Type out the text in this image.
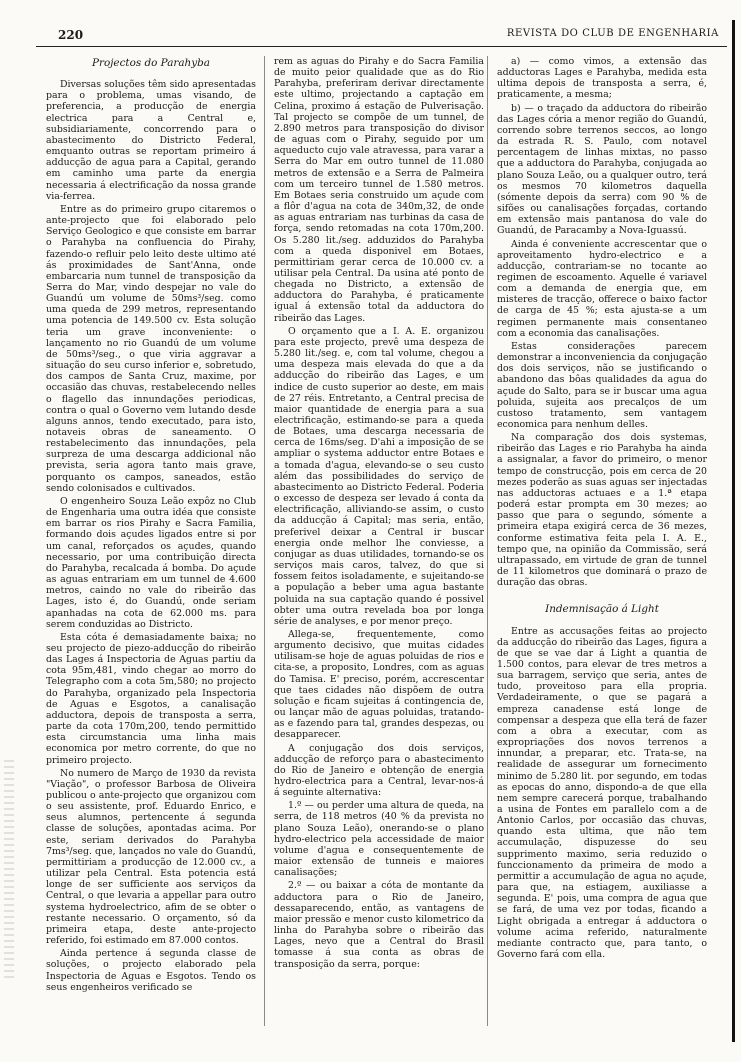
220	REVISTA DO CLUB DE ENGENHARIA
Projectos do Parahyba

Diversas soluções têm sido apresentadas para o problema, umas visando, de preferencia, a producção de energia electrica para a Central e, subsidiariamente, concorrendo para o abastecimento do Districto Federal, emquanto outras se reportam primeiro á adducção de agua para a Capital, gerando em caminho uma parte da energia necessaria á electrificação da nossa grande via-ferrea.

Entre as do primeiro grupo citaremos o ante-projecto que foi elaborado pelo Serviço Geologico e que consiste em barrar o Parahyba na confluencia do Pirahy, fazendo-o refluir pelo leito deste ultimo até ás proximidades de Sant'Anna, onde embarcaria num tunnel de transposição da Serra do Mar, vindo despejar no vale do Guandú um volume de 50ms³/seg. como uma queda de 299 metros, representando uma potencia de 149.500 cv. Esta solução teria um grave inconveniente: o lançamento no rio Guandú de um volume de 50ms³/seg., o que viria aggravar a situação do seu curso inferior e, sobretudo, dos campos de Santa Cruz, maxime, por occasião das chuvas, restabelecendo nelles o flagello das innundações periodicas, contra o qual o Governo vem lutando desde alguns annos, tendo executado, para isto, notaveis obras de saneamento. O restabelecimento das innundações, pela surpreza de uma descarga addicional não prevista, seria agora tanto mais grave, porquanto os campos, saneados, estão sendo colonisados e cultivados.

O engenheiro Souza Leão expôz no Club de Engenharia uma outra idéa que consiste em barrar os rios Pirahy e Sacra Familia, formando dois açudes ligados entre si por um canal, reforçados os açudes, quando necessario, por uma contribuição directa do Parahyba, recalcada á bomba. Do açude as aguas entrariam em um tunnel de 4.600 metros, caindo no vale do ribeirão das Lages, isto é, do Guandú, onde seriam apanhadas na cota de 62.000 ms. para serem conduzidas ao Districto.

Esta cóta é demasiadamente baixa; no seu projecto de piezo-adducção do ribeirão das Lages á Inspectoria de Aguas partiu da cota 95m,481, vindo chegar ao morro do Telegrapho com a cota 5m,580; no projecto do Parahyba, organizado pela Inspectoria de Aguas e Esgotos, a canalisação adductora, depois de transposta a serra, parte da cota 170m,200, tendo permittido esta circumstancia uma linha mais economica por metro corrente, do que no primeiro projecto.

No numero de Março de 1930 da revista "Viação", o professor Barbosa de Oliveira publicou o ante-projecto que organizou com o seu assistente, prof. Eduardo Enrico, e seus alumnos, pertencente á segunda classe de soluções, apontadas acima. Por este, seriam derivados do Parahyba 7ms³/seg. que, lançados no vale do Guandú, permittiriam a producção de 12.000 cv., a utilizar pela Central. Esta potencia está longe de ser sufficiente aos serviços da Central, o que levaria a appellar para outro systema hydroelectrico, afim de se obter o restante necessario. O orçamento, só da primeira etapa, deste ante-projecto referido, foi estimado em 87.000 contos.

Ainda pertence á segunda classe de soluções, o projecto elaborado pela Inspectoria de Aguas e Esgotos. Tendo os seus engenheiros verificado se

rem as aguas do Pirahy e do Sacra Familia de muito peior qualidade que as do Rio Parahyba, preferiram derivar directamente este ultimo, projectando a captação em Celina, proximo á estação de Pulverisação. Tal projecto se compõe de um tunnel, de 2.890 metros para transposição do divisor de aguas com o Pirahy, seguido por um aqueducto cujo vale atravessa, para varar a Serra do Mar em outro tunnel de 11.080 metros de extensão e a Serra de Palmeira com um terceiro tunnel de 1.580 metros. Em Botaes seria construido um açude com a flôr d'agua na cota de 340m,32, de onde as aguas entrariam nas turbinas da casa de força, sendo retomadas na cota 170m,200. Os 5.280 lit./seg. adduzidos do Parahyba com a queda disponivel em Botaes, permittiriam gerar cerca de 10.000 cv. a utilisar pela Central. Da usina até ponto de chegada no Districto, a extensão de adductora do Parahyba, é praticamente igual á extensão total da adductora do ribeirão das Lages.

O orçamento que a I. A. E. organizou para este projecto, prevê uma despeza de 5.280 lit./seg. e, com tal volume, chegou a uma despeza mais elevada do que a da adducção do ribeirão das Lages, e um indice de custo superior ao deste, em mais de 27 réis. Entretanto, a Central precisa de maior quantidade de energia para a sua electrificação, estimando-se para a queda de Botaes, uma descarga necessaria de cerca de 16ms/seg. D'ahi a imposição de se ampliar o systema adductor entre Botaes e a tomada d'agua, elevando-se o seu custo além das possibilidades do serviço de abastecimento ao Districto Federal. Poderia o excesso de despeza ser levado á conta da electrificação, alliviando-se assim, o custo da adducção á Capital; mas seria, então, preferivel deixar a Central ir buscar energia onde melhor lhe conviesse, a conjugar as duas utilidades, tornando-se os serviços mais caros, talvez, do que si fossem feitos isoladamente, e sujeitando-se a população a beber uma agua bastante poluida na sua captação quando é possivel obter uma outra revelada boa por longa série de analyses, e por menor preço.

Allega-se, frequentemente, como argumento decisivo, que muitas cidades utilisam-se hoje de aguas poluidas de rios e cita-se, a proposito, Londres, com as aguas do Tamisa. E' preciso, porém, accrescentar que taes cidades não dispõem de outra solução e ficam sujeitas á contingencia de, ou lançar mão de aguas poluidas, tratando-as e fazendo para tal, grandes despezas, ou desapparecer.

A conjugação dos dois serviços, adducção de reforço para o abastecimento do Rio de Janeiro e obtenção de energia hydro-electrica para a Central, levar-nos-á á seguinte alternativa:

1.º — ou perder uma altura de queda, na serra, de 118 metros (40 % da prevista no plano Souza Leão), onerando-se o plano hydro-electrico pela accessidade de maior volume d'agua e consequentemente de maior extensão de tunneis e maiores canalisações;

2.º — ou baixar a cóta de montante da adductora para o Rio de Janeiro, dessaparecendo, então, as vantagens de maior pressão e menor custo kilometrico da linha do Parahyba sobre o ribeirão das Lages, nevo que a Central do Brasil tomasse á sua conta as obras de transposição da serra, porque:

a) — como vimos, a extensão das adductoras Lages e Parahyba, medida esta ultima depois de transposta a serra, é, praticamente, a mesma;

b) — o traçado da adductora do ribeirão das Lages cória a menor região do Guandú, correndo sobre terrenos seccos, ao longo da estrada R. S. Paulo, com notavel percentagem de linhas mixtas, no passo que a adductora do Parahyba, conjugada ao plano Souza Leão, ou a qualquer outro, terá os mesmos 70 kilometros daquella (sómente depois da serra) com 90 % de sifões ou canalisações forçadas, cortando em extensão mais pantanosa do vale do Guandú, de Paracamby a Nova-Iguassú.

Ainda é conveniente accrescentar que o aproveitamento hydro-electrico e a adducção, contrariam-se no tocante ao regimen de escoamento. Aquelle é variavel com a demanda de energia que, em misteres de tracção, offerece o baixo factor de carga de 45 %; esta ajusta-se a um regimen permanente mais consentaneo com a economia das canalisações.

Estas considerações parecem demonstrar a inconveniencia da conjugação dos dois serviços, não se justificando o abandono das bôas qualidades da agua do açude do Salto, para se ir buscar uma agua poluida, sujeita aos precalços de um custoso tratamento, sem vantagem economica para nenhum delles.

Na comparação dos dois systemas, ribeirão das Lages e rio Parahyba ha ainda a assignalar, a favor do primeiro, o menor tempo de construcção, pois em cerca de 20 mezes poderão as suas aguas ser injectadas nas adductoras actuaes e a 1.ª etapa poderá estar prompta em 30 mezes; ao passo que para o segundo, sómente a primeira etapa exigirá cerca de 36 mezes, conforme estimativa feita pela I. A. E., tempo que, na opinião da Commissão, será ultrapassado, em virtude de gran de tunnel de 11 kilometros que dominará o prazo de duração das obras.

Indemnisação á Light

Entre as accusações feitas ao projecto da adducção do ribeirão das Lages, figura a de que se vae dar á Light a quantia de 1.500 contos, para elevar de tres metros a sua barragem, serviço que seria, antes de tudo, proveitoso para ella propria. Verdadeiramente, o que se pagará a empreza canadense está longe de compensar a despeza que ella terá de fazer com a obra a executar, com as expropriações dos novos terrenos a innundar, a preparar, etc. Trata-se, na realidade de assegurar um fornecimento minimo de 5.280 lit. por segundo, em todas as epocas do anno, dispondo-a de que ella nem sempre carecerá porque, trabalhando a usina de Fontes em parallelo com a de Antonio Carlos, por occasião das chuvas, quando esta ultima, que não tem accumulação, dispuzesse do seu supprimento maximo, seria reduzido o funccionamento da primeira de modo a permittir a accumulação de agua no açude, para que, na estiagem, auxiliasse a segunda. E' pois, uma compra de agua que se fará, de uma vez por todas, ficando a Light obrigada a entregar á adductora o volume acima referido, naturalmente mediante contracto que, para tanto, o Governo fará com ella.
